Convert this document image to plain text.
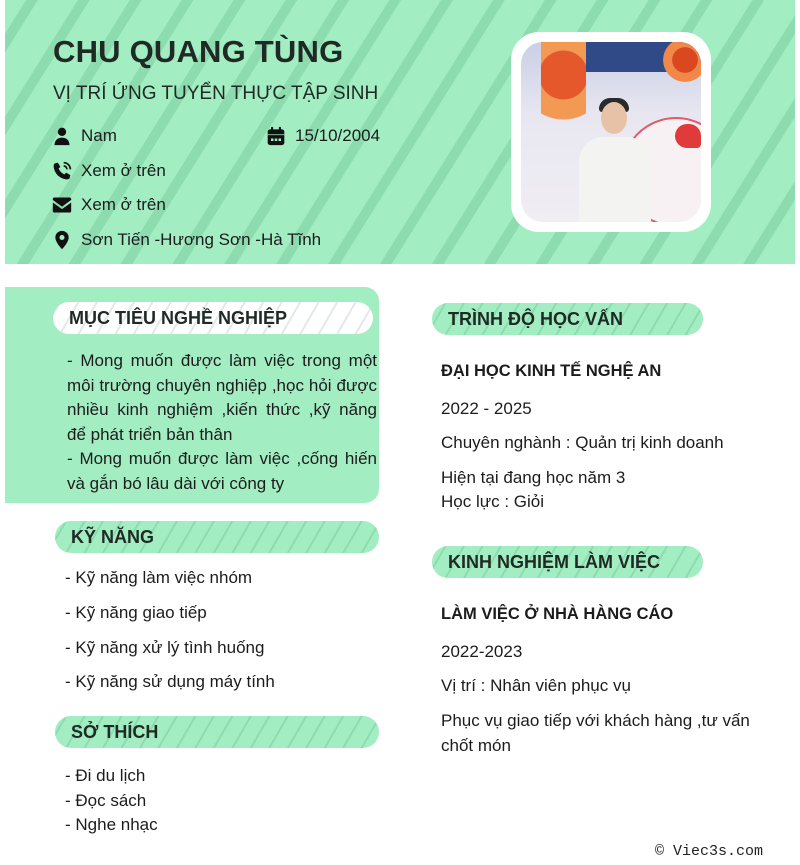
CHU QUANG TÙNG
VỊ TRÍ ỨNG TUYỂN THỰC TẬP SINH
Nam	15/10/2004
Xem ở trên
Xem ở trên
Sơn Tiến -Hương Sơn -Hà Tĩnh
MỤC TIÊU NGHỀ NGHIỆP

- Mong muốn được làm việc trong một môi trường chuyên nghiệp ,học hỏi được nhiều kinh nghiệm ,kiến thức ,kỹ năng để phát triển bản thân

- Mong muốn được làm việc ,cống hiến và gắn bó lâu dài với công ty

KỸ NĂNG
- Kỹ năng làm việc nhóm
- Kỹ năng giao tiếp
- Kỹ năng xử lý tình huống
- Kỹ năng sử dụng máy tính
SỞ THÍCH
- Đi du lịch
- Đọc sách
- Nghe nhạc
TRÌNH ĐỘ HỌC VẤN
ĐẠI HỌC KINH TẾ NGHỆ AN
2022 - 2025
Chuyên nghành : Quản trị kinh doanh
Hiện tại đang học năm 3
Học lực : Giỏi
KINH NGHIỆM LÀM VIỆC
LÀM VIỆC Ở NHÀ HÀNG CÁO
2022-2023
Vị trí : Nhân viên phục vụ
Phục vụ giao tiếp với khách hàng ,tư vấn chốt món
© Viec3s.com
